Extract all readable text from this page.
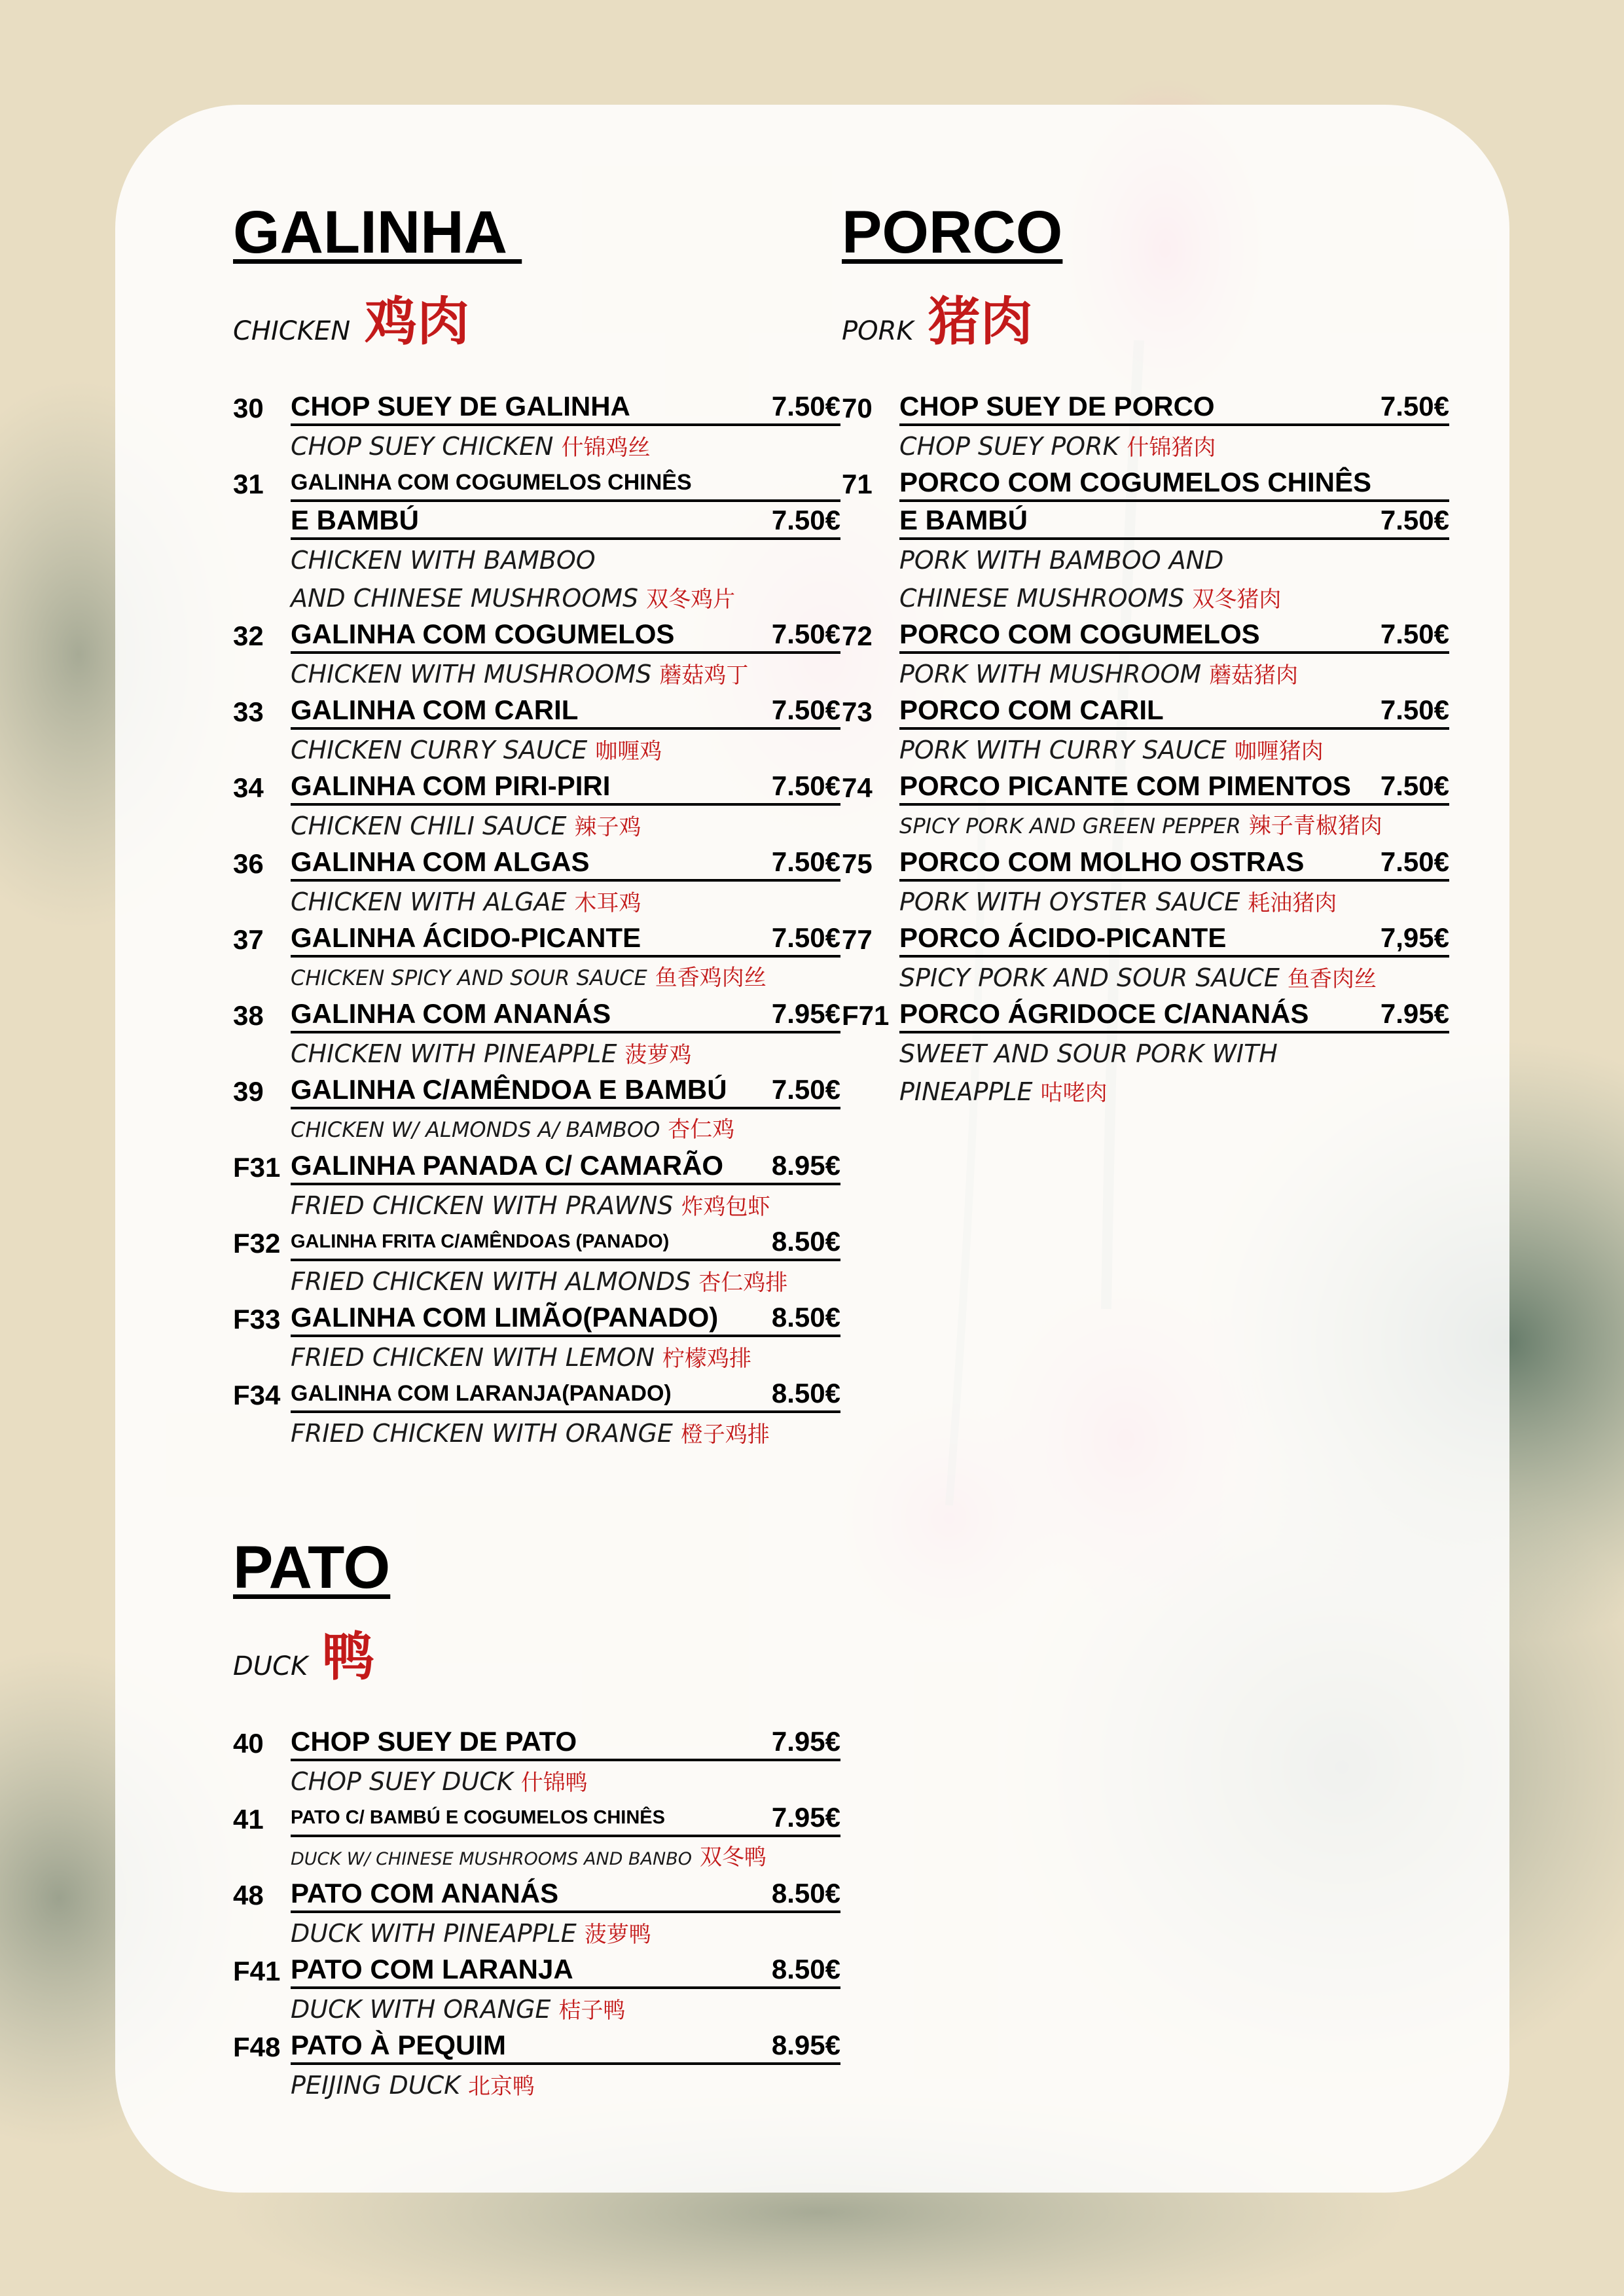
GALINHA
CHICKEN 鸡肉
30 CHOP SUEY DE GALINHA	7.50€
CHOP SUEY CHICKEN 什锦鸡丝
31 GALINHA COM COGUMELOS CHINÊS
E BAMBÚ	7.50€
CHICKEN WITH BAMBOO
AND CHINESE MUSHROOMS 双冬鸡片
32 GALINHA COM COGUMELOS	7.50€
CHICKEN WITH MUSHROOMS 蘑菇鸡丁
33 GALINHA COM CARIL	7.50€
CHICKEN CURRY SAUCE 咖喱鸡
34 GALINHA COM PIRI-PIRI	7.50€
CHICKEN CHILI SAUCE 辣子鸡
36 GALINHA COM ALGAS	7.50€
CHICKEN WITH ALGAE 木耳鸡
37 GALINHA ÁCIDO-PICANTE	7.50€
CHICKEN SPICY AND SOUR SAUCE 鱼香鸡肉丝
38 GALINHA COM ANANÁS	7.95€
CHICKEN WITH PINEAPPLE 菠萝鸡
39 GALINHA C/AMÊNDOA E BAMBÚ 7.50€
CHICKEN W/ ALMONDS A/ BAMBOO 杏仁鸡
F31 GALINHA PANADA C/ CAMARÃO 8.95€
FRIED CHICKEN WITH PRAWNS 炸鸡包虾
F32 GALINHA FRITA C/AMÊNDOAS (PANADO)	8.50€
FRIED CHICKEN WITH ALMONDS 杏仁鸡排
F33 GALINHA COM LIMÃO(PANADO) 8.50€
FRIED CHICKEN WITH LEMON 柠檬鸡排
F34 GALINHA COM LARANJA(PANADO)	8.50€
FRIED CHICKEN WITH ORANGE 橙子鸡排
PORCO
PORK 猪肉
70 CHOP SUEY DE PORCO	7.50€
CHOP SUEY PORK 什锦猪肉
71 PORCO COM COGUMELOS CHINÊS
E BAMBÚ	7.50€
PORK WITH BAMBOO AND
CHINESE MUSHROOMS 双冬猪肉
72 PORCO COM COGUMELOS	7.50€
PORK WITH MUSHROOM 蘑菇猪肉
73 PORCO COM CARIL	7.50€
PORK WITH CURRY SAUCE 咖喱猪肉
74 PORCO PICANTE COM PIMENTOS 7.50€
SPICY PORK AND GREEN PEPPER 辣子青椒猪肉
75 PORCO COM MOLHO OSTRAS	7.50€
PORK WITH OYSTER SAUCE 耗油猪肉
77 PORCO ÁCIDO-PICANTE	7,95€
SPICY PORK AND SOUR SAUCE 鱼香肉丝
F71 PORCO ÁGRIDOCE C/ANANÁS	7.95€
SWEET AND SOUR PORK WITH
PINEAPPLE 咕咾肉
PATO
DUCK 鸭
40 CHOP SUEY DE PATO	7.95€
CHOP SUEY DUCK 什锦鸭
41 PATO C/ BAMBÚ E COGUMELOS CHINÊS	7.95€
DUCK W/ CHINESE MUSHROOMS AND BANBO 双冬鸭
48 PATO COM ANANÁS	8.50€
DUCK WITH PINEAPPLE 菠萝鸭
F41 PATO COM LARANJA	8.50€
DUCK WITH ORANGE 桔子鸭
F48 PATO À PEQUIM	8.95€
PEIJING DUCK 北京鸭
